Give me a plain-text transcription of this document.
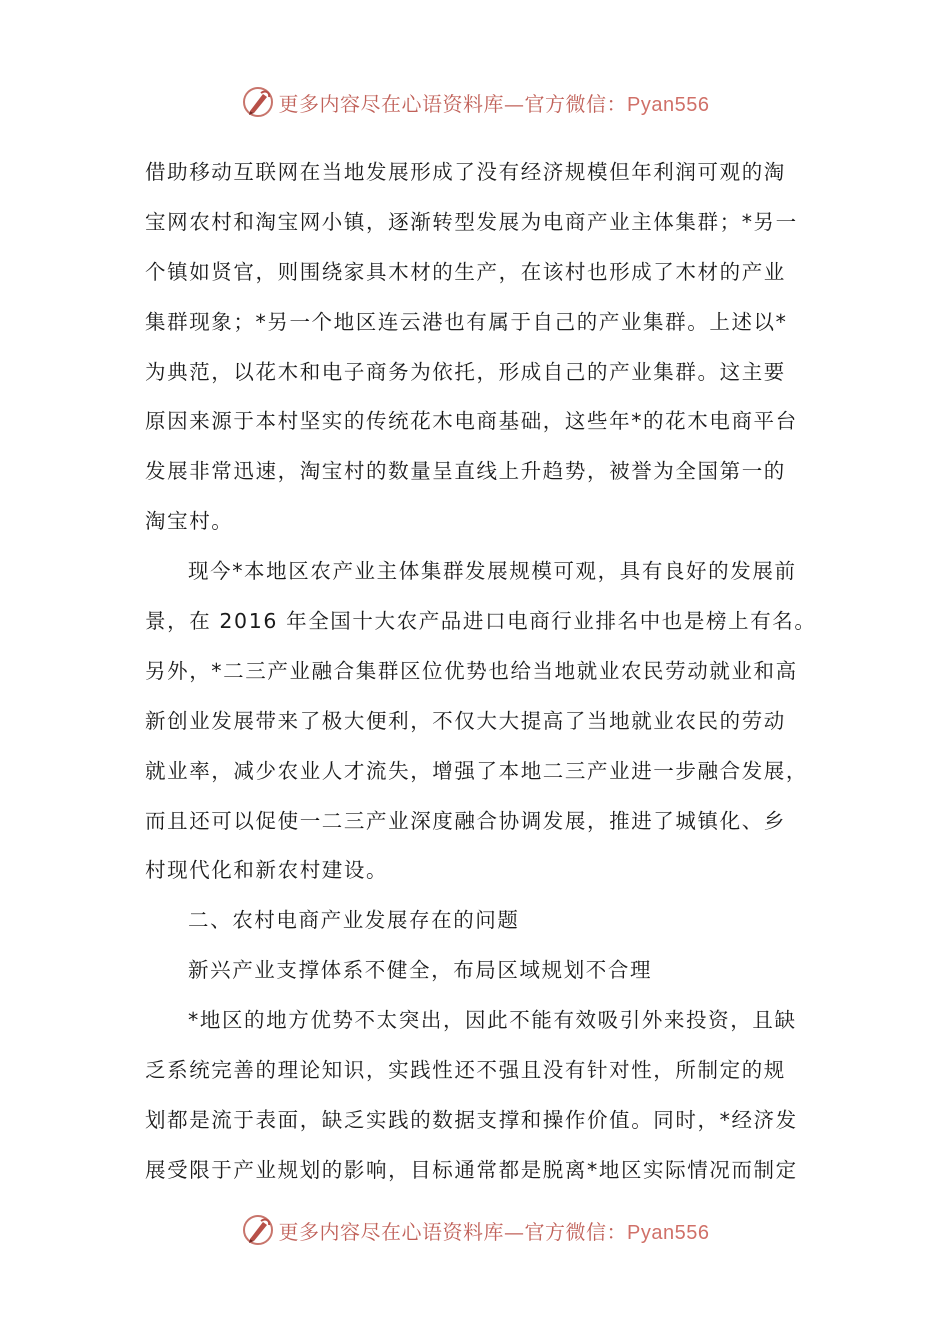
更多内容尽在心语资料库—官方微信：Pyan556
借助移动互联网在当地发展形成了没有经济规模但年利润可观的淘
宝网农村和淘宝网小镇，逐渐转型发展为电商产业主体集群；*另一
个镇如贤官，则围绕家具木材的生产，在该村也形成了木材的产业
集群现象；*另一个地区连云港也有属于自己的产业集群。上述以*
为典范，以花木和电子商务为依托，形成自己的产业集群。这主要
原因来源于本村坚实的传统花木电商基础，这些年*的花木电商平台
发展非常迅速，淘宝村的数量呈直线上升趋势，被誉为全国第一的
淘宝村。
现今*本地区农产业主体集群发展规模可观，具有良好的发展前
景，在 2016 年全国十大农产品进口电商行业排名中也是榜上有名。
另外，*二三产业融合集群区位优势也给当地就业农民劳动就业和高
新创业发展带来了极大便利，不仅大大提高了当地就业农民的劳动
就业率，减少农业人才流失，增强了本地二三产业进一步融合发展，
而且还可以促使一二三产业深度融合协调发展，推进了城镇化、乡
村现代化和新农村建设。
二、农村电商产业发展存在的问题
新兴产业支撑体系不健全，布局区域规划不合理
*地区的地方优势不太突出，因此不能有效吸引外来投资，且缺
乏系统完善的理论知识，实践性还不强且没有针对性，所制定的规
划都是流于表面，缺乏实践的数据支撑和操作价值。同时，*经济发
展受限于产业规划的影响，目标通常都是脱离*地区实际情况而制定
更多内容尽在心语资料库—官方微信：Pyan556
